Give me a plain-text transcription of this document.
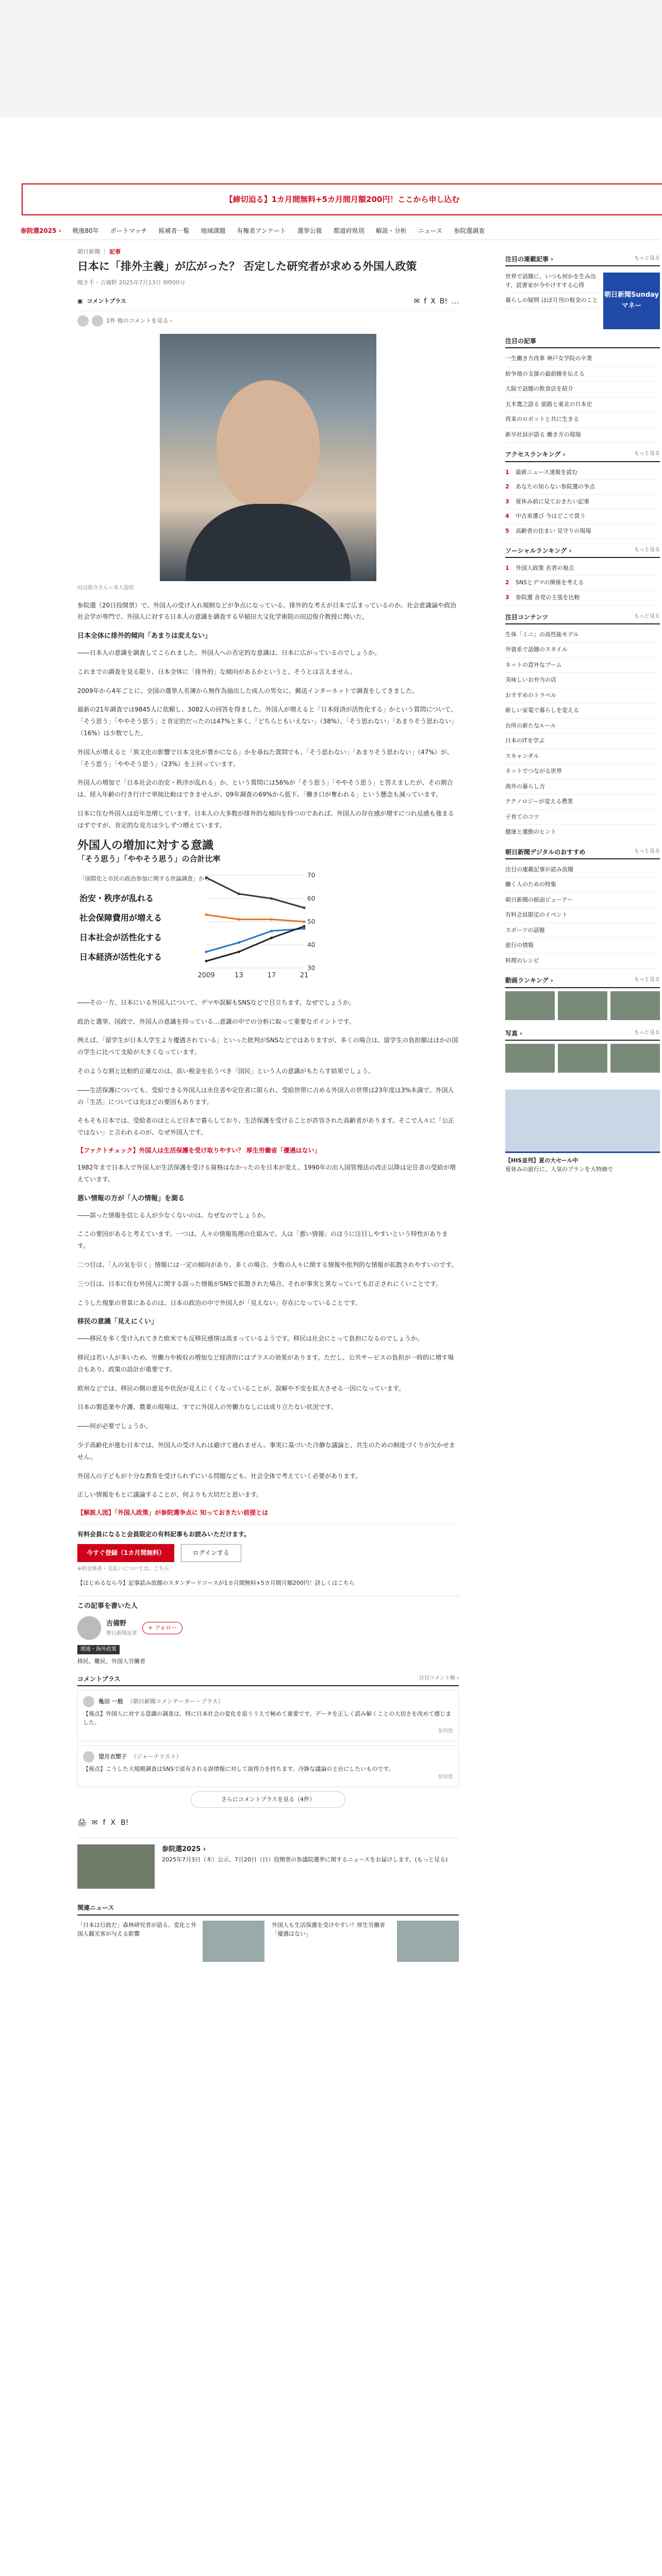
【締切迫る】1カ月間無料+5カ月間月額200円！ここから申し込む
参院選2025 › 戦後80年 ボートマッチ 候補者一覧 地域課題 有権者アンケート 選挙公報 都道府県別 解説・分析 ニュース 参院選調査
朝日新聞 ｜ 記事
日本に「排外主義」が広がった？ 否定した研究者が求める外国人政策
聞き手・吉備野 2025年7月13日 9時00分
▣ コメントプラス	✉ f X B! …
1件 他のコメントを見る ›
田辺俊介さん＝本人提供

参院選（20日投開票）で、外国人の受け入れ規制などが争点になっている。排外的な考えが日本で広まっているのか。社会意識論や政治社会学が専門で、外国人に対する日本人の意識を調査する早稲田大文化学術院の田辺俊介教授に聞いた。

日本全体に排外的傾向「あまりは変えない」

――日本人の意識を調査してこられました。外国人への否定的な意識は、日本に広がっているのでしょうか。

これまでの調査を見る限り、日本全体に「排外的」な傾向があるかというと、そうとは言えません。

2009年から4年ごとに、全国の選挙人名簿から無作為抽出した成人の男女に、郵送インターネットで調査をしてきました。

最新の21年調査では9845人に依頼し、3082人の回答を得ました。外国人が増えると「日本経済が活性化する」かという質問について、「そう思う」「ややそう思う」と肯定的だったのは47%と多く、「どちらともいえない」（38%）、「そう思わない」「あまりそう思わない」（16%）は少数でした。

外国人が増えると「異文化の影響で日本文化が豊かになる」かを尋ねた質問でも、「そう思わない」「あまりそう思わない」（47%）が、「そう思う」「ややそう思う」（23%）を上回っています。

外国人の増加で「日本社会の治安・秩序が乱れる」か、という質問には56%が「そう思う」「ややそう思う」と答えましたが、その割合は、経入年齢の行き行けで単純比較はできませんが、09年調査の69%から低下、「働き口が奪われる」という懸念も減っています。

日本に住む外国人は近年急増しています。日本人の大多数が排外的な傾向を持つのであれば、外国人の存在感が増すにつれ反感も強まるはずですが、肯定的な見方は少しずつ増えています。

外国人の増加に対する意識
「そう思う」「ややそう思う」の合計比率
30
40
50
60
70
2009	13	17	21
治安・秩序が乱れる
社会保障費用が増える
日本社会が活性化する
日本経済が活性化する
「国際化と市民の政治参加に関する世論調査」から

――その一方、日本にいる外国人について、デマや誤解もSNSなどで目立ちます。なぜでしょうか。

政治と選挙、国政で、外国人の意識を持っている…意識の中での分析に取って重要なポイントです。

例えば、「留学生が日本人学生より優遇されている」といった批判がSNSなどではありますが、多くの場合は、留学生の負担額はほかの国の学生に比べて支給が大きくなっています。

そのような割と比較的正確なのは、高い税金を払うべき「国民」という人の意識がもたらす結果でしょう。

――生活保護についても、受給できる外国人は永住者や定住者に限られ、受給世帯に占める外国人の世帯は23年度は3%未満で、外国人の「生活」については先ほどの要因もあります。

そもそも日本では、受給者のほとんど日本で暮らしており、生活保護を受けることが許容された高齢者があります。そこで人々に「公正ではない」と言われるのが、なぜ外国人です。

【ファクトチェック】外国人は生活保護を受け取りやすい？ 厚生労働省「優遇はない」

1982年まで日本人で外国人が生活保護を受ける資格はなかったのを日本が変え、1990年の出入国管理法の改正以降は定住者の受給が増えています。

悪い情報の方が「人の情報」を測る

――誤った情報を信じる人が少なくないのは、なぜなのでしょうか。

ここの要因があると考えています。一つは、人々の情報処理の仕組みで、人は「悪い情報」のほうに注目しやすいという特性があります。

二つ目は、「人の気を引く」情報には一定の傾向があり、多くの場合、少数の人々に関する情報や批判的な情報が拡散されやすいのです。

三つ目は、日本に住む外国人に関する誤った情報がSNSで拡散された場合、それが事実と異なっていても訂正されにくいことです。

こうした現象の背景にあるのは、日本の政治の中で外国人が「見えない」存在になっていることです。

移民の意識「見えにくい」

――移民を多く受け入れてきた欧米でも反移民感情は高まっているようです。移民は社会にとって負担になるのでしょうか。

移民は若い人が多いため、労働力や税収の増加など経済的にはプラスの効果があります。ただし、公共サービスの負担が一時的に増す場合もあり、政策の設計が重要です。

欧州などでは、移民の側の意見や状況が見えにくくなっていることが、誤解や不安を拡大させる一因になっています。

日本の製造業や介護、農業の現場は、すでに外国人の労働力なしには成り立たない状況です。

――何が必要でしょうか。

少子高齢化が進む日本では、外国人の受け入れは避けて通れません。事実に基づいた冷静な議論と、共生のための制度づくりが欠かせません。

外国人の子どもが十分な教育を受けられずにいる問題なども、社会全体で考えていく必要があります。

正しい情報をもとに議論することが、何よりも大切だと思います。

【解説人図】「外国人政策」が参院選争点に 知っておきたい前提とは

有料会員になると会員限定の有料記事もお読みいただけます。

今すぐ登録（1カ月間無料）	ログインする

※料金体系・支払いについては、こちら

【はじめるなら今】記事読み放題のスタンダードコースが1カ月間無料+5カ月間月額200円！詳しくはこちら

この記事を書いた人
吉備野
朝日新聞記者
+ フォロー
関連・海外政策
移民、難民、外国人労働者
コメントプラス	注目コメント順 ›
亀田 一般 （朝日新聞コメンテーター・プラス）
【視点】外国人に対する意識の調査は、特に日本社会の変化を追ううえで極めて重要です。データを正しく読み解くことの大切さを改めて感じました。
参照数
望月衣塑子 （ジャーナリスト）
【視点】こうした大規模調査はSNSで流布される誤情報に対して説得力を持ちます。冷静な議論の土台にしたいものです。
参照数
さらにコメントプラスを見る（4件）
🖨 ✉ f X B!
参院選2025 ›

2025年7月3日（木）公示、7月20日（日）投開票の参議院選挙に関するニュースをお届けします。(もっと見る)

関連ニュース
「日本は行政だ」森林研究者が語る、変化と外国人観光客が与える影響
外国人も生活保護を受けやすい？厚生労働省「優遇はない」
注目の連載記事 ›	もっと見る
世界で話題に、いつも何かを生み出す、読書家が今やけすする心得
暮らしの疑問 ほぼ月刊の税金のこと
朝日新聞Sunday マネー
注目の記事
一生働き方改革 神戸女学院の卒業
紛争地の支援の最前線を伝える
大阪で話題の飲食店を紹介
五木寛之語る 旅路と東北の日本史
将来のロボットと共に生きる
新卒社員が語る 働き方の現場
アクセスランキング ›	もっと見る
1	最新ニュース速報を読む
2	あなたの知らない参院選の争点
3	夏休み前に見ておきたい記事
4	中古車選び 今はどこで買う
5	高齢者の住まい 見守りの現場
ソーシャルランキング ›	もっと見る
1	外国人政策 若者の視点
2	SNSとデマの関係を考える
3	参院選 各党の主張を比較
注目コンテンツ	もっと見る
生体「ミニ」の高性能モデル
外資系で話題のスタイル
ネットの意外なブーム
美味しいお弁当の店
おすすめのトラベル
新しい家電で暮らしを変える
台所の新たなルール
日本のITを学ぶ
スキャンダル
ネットでつながる世界
海外の暮らし方
テクノロジーが変える農業
子育てのコツ
健康と運動のヒント
朝日新聞デジタルのおすすめ	もっと見る
注目の連載記事が読み放題
働く人のための特集
朝日新聞の紙面ビューアー
有料会員限定のイベント
スポーツの話題
旅行の情報
料理のレシピ
動画ランキング ›	もっと見る
写真 ›	もっと見る
【HIS並列】夏の大セール中

夏休みの旅行に、人気のプランを大特価で
